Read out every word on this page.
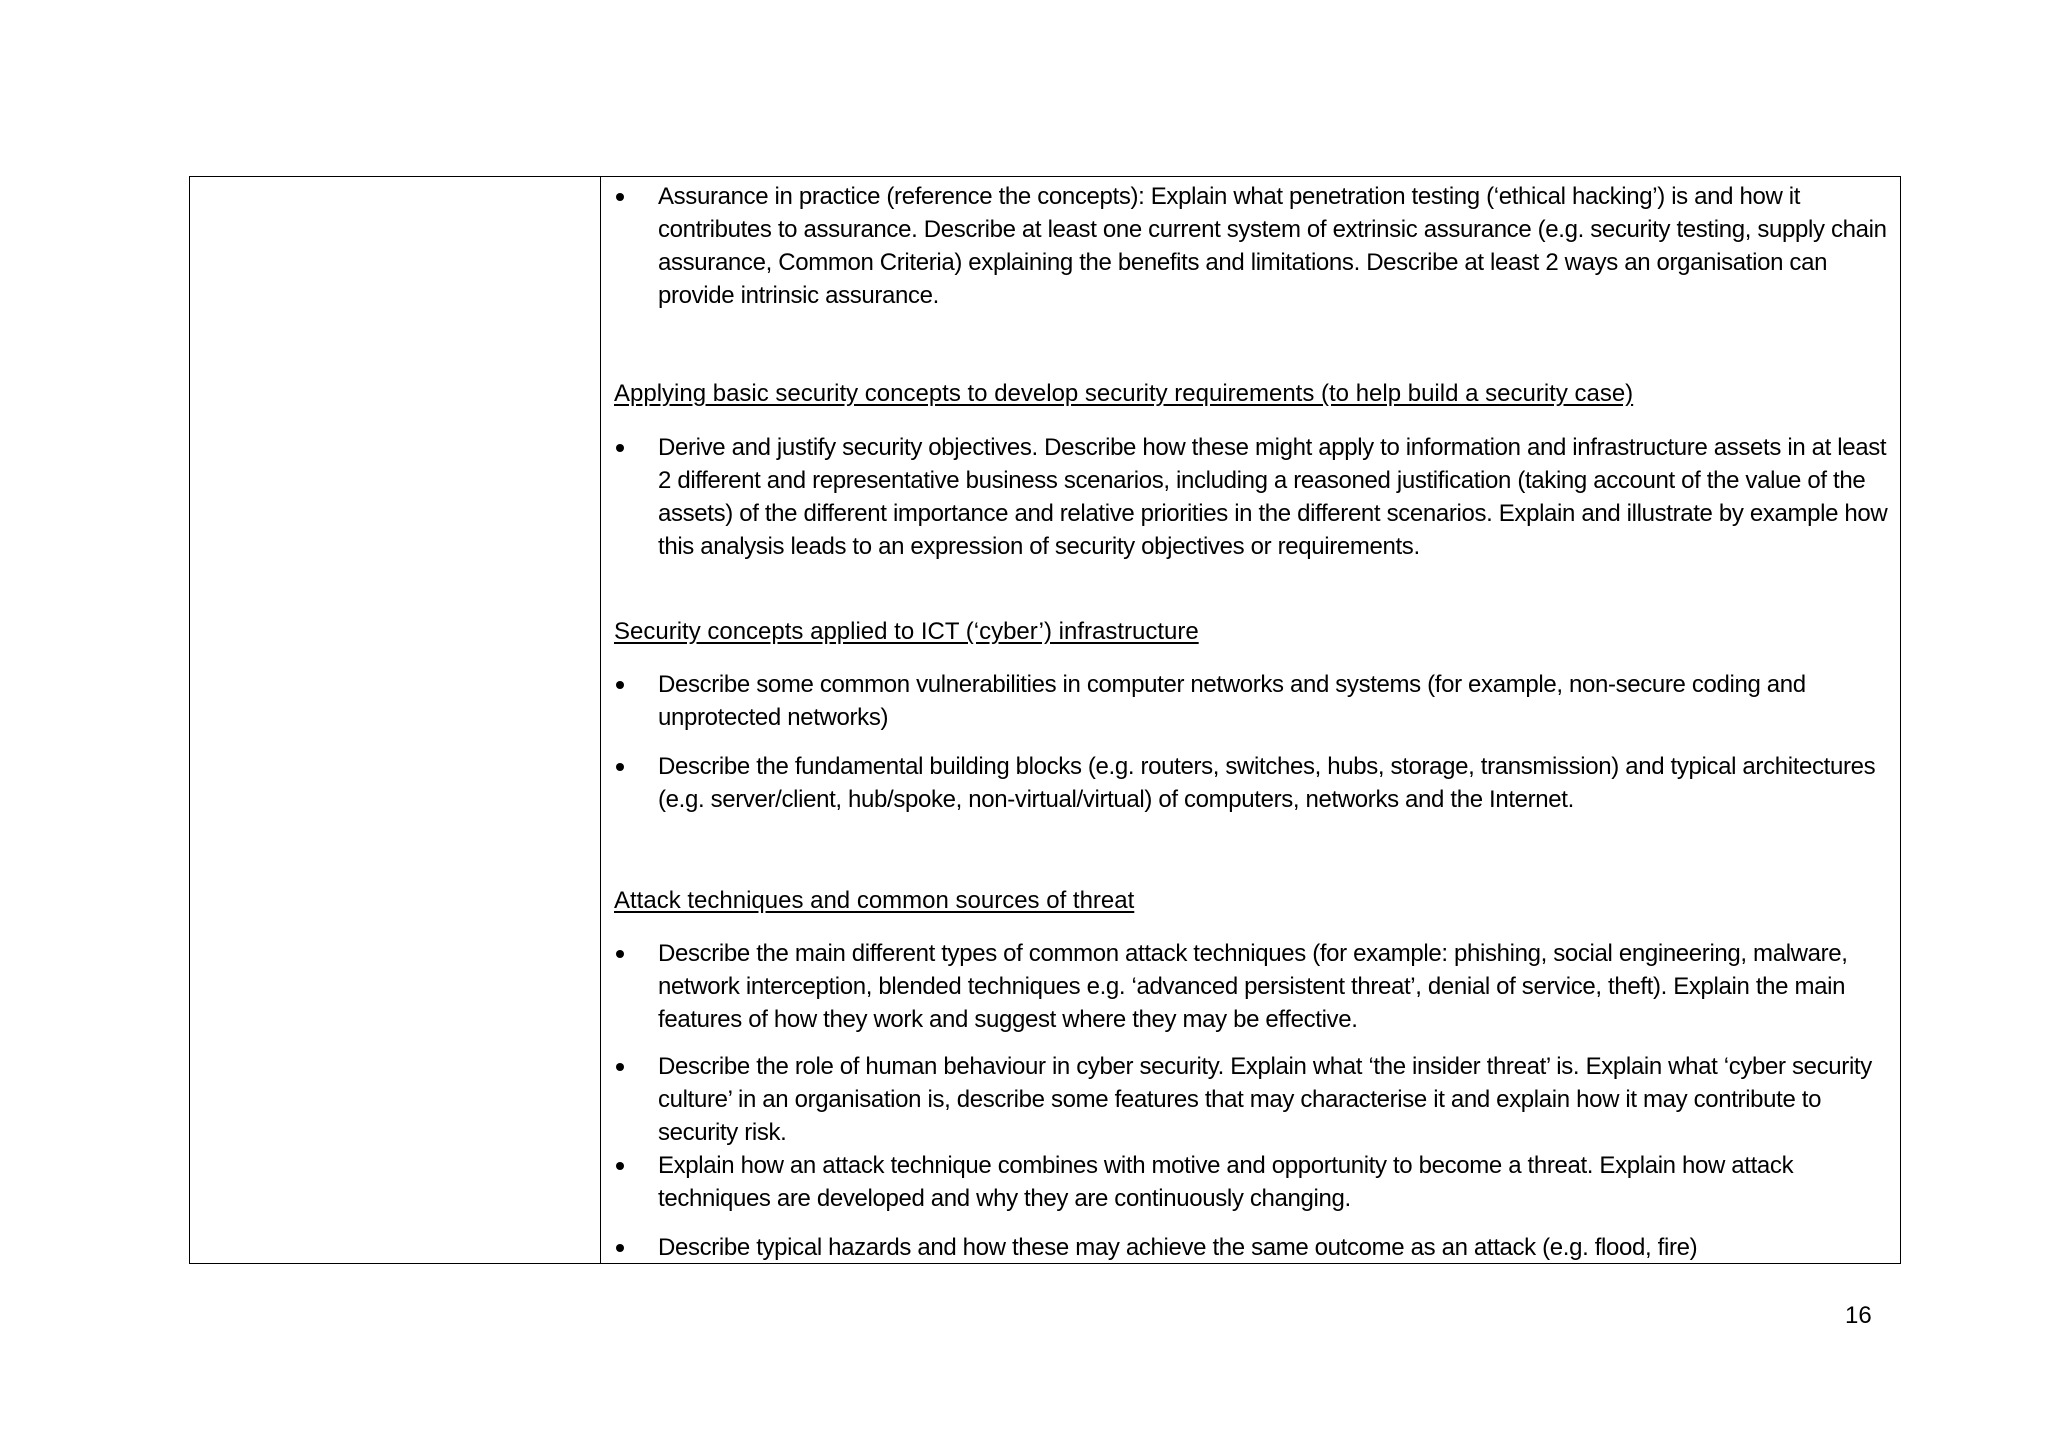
Assurance in practice (reference the concepts): Explain what penetration testing (‘ethical hacking’) is and how it contributes to assurance. Describe at least one current system of extrinsic assurance (e.g. security testing, supply chain assurance, Common Criteria) explaining the benefits and limitations. Describe at least 2 ways an organisation can provide intrinsic assurance.
Applying basic security concepts to develop security requirements (to help build a security case)
Derive and justify security objectives. Describe how these might apply to information and infrastructure assets in at least 2 different and representative business scenarios, including a reasoned justification (taking account of the value of the assets) of the different importance and relative priorities in the different scenarios. Explain and illustrate by example how this analysis leads to an expression of security objectives or requirements.
Security concepts applied to ICT (‘cyber’) infrastructure
Describe some common vulnerabilities in computer networks and systems (for example, non-secure coding and unprotected networks)
Describe the fundamental building blocks (e.g. routers, switches, hubs, storage, transmission) and typical architectures (e.g. server/client, hub/spoke, non-virtual/virtual) of computers, networks and the Internet.
Attack techniques and common sources of threat
Describe the main different types of common attack techniques (for example: phishing, social engineering, malware, network interception, blended techniques e.g. ‘advanced persistent threat’, denial of service, theft). Explain the main features of how they work and suggest where they may be effective.
Describe the role of human behaviour in cyber security. Explain what ‘the insider threat’ is. Explain what ‘cyber security culture’ in an organisation is, describe some features that may characterise it and explain how it may contribute to security risk.
Explain how an attack technique combines with motive and opportunity to become a threat. Explain how attack techniques are developed and why they are continuously changing.
Describe typical hazards and how these may achieve the same outcome as an attack (e.g. flood, fire)
16
